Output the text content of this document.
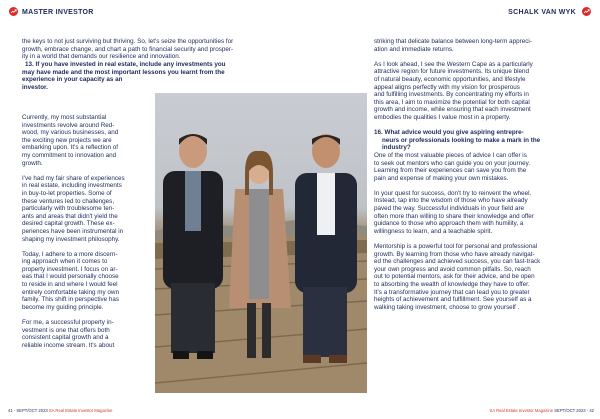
MASTER INVESTOR

the keys to not just surviving but thriving. So, let's seize the opportunities for
growth, embrace change, and chart a path to financial security and prosper-
ity in a world that demands our resilience and innovation.

13. If you have invested in real estate, include any investments you
may have made and the most important lessons you learnt from the
experience in your capacity as an
investor.

Currently, my most substantial
investments revolve around Red-
wood, my various businesses, and
the exciting new projects we are
embarking upon. It's a reflection of
my commitment to innovation and
growth.

I've had my fair share of experiences
in real estate, including investments
in buy-to-let properties. Some of
these ventures led to challenges,
particularly with troublesome ten-
ants and areas that didn't yield the
desired capital growth. These ex-
periences have been instrumental in
shaping my investment philosophy.

Today, I adhere to a more discern-
ing approach when it comes to
property investment. I focus on ar-
eas that I would personally choose
to reside in and where I would feel
entirely comfortable taking my own
family. This shift in perspective has
become my guiding principle.

For me, a successful property in-
vestment is one that offers both
consistent capital growth and a
reliable income stream. It's about

41 - SEPT/OCT 2023 SA Real Estate Investor Magazine
SCHALK VAN WYK

striking that delicate balance between long-term appreci-
ation and immediate returns.

As I look ahead, I see the Western Cape as a particularly
attractive region for future investments. Its unique blend
of natural beauty, economic opportunities, and lifestyle
appeal aligns perfectly with my vision for prosperous
and fulfilling investments. By concentrating my efforts in
this area, I aim to maximize the potential for both capital
growth and income, while ensuring that each investment
embodies the qualities I value most in a property.

16. What advice would you give aspiring entrepre-
neurs or professionals looking to make a mark in the
industry?

One of the most valuable pieces of advice I can offer is
to seek out mentors who can guide you on your journey.
Learning from their experiences can save you from the
pain and expense of making your own mistakes.

In your quest for success, don't try to reinvent the wheel.
Instead, tap into the wisdom of those who have already
paved the way. Successful individuals in your field are
often more than willing to share their knowledge and offer
guidance to those who approach them with humility, a
willingness to learn, and a teachable spirit.

Mentorship is a powerful tool for personal and professional
growth. By learning from those who have already navigat-
ed the challenges and achieved success, you can fast-track
your own progress and avoid common pitfalls. So, reach
out to potential mentors, ask for their advice, and be open
to absorbing the wealth of knowledge they have to offer.
It's a transformative journey that can lead you to greater
heights of achievement and fulfillment. See yourself as a
walking taking investment, choose to grow yourself .

SA Real Estate Investor Magazine SEPT/OCT 2023 - 42
